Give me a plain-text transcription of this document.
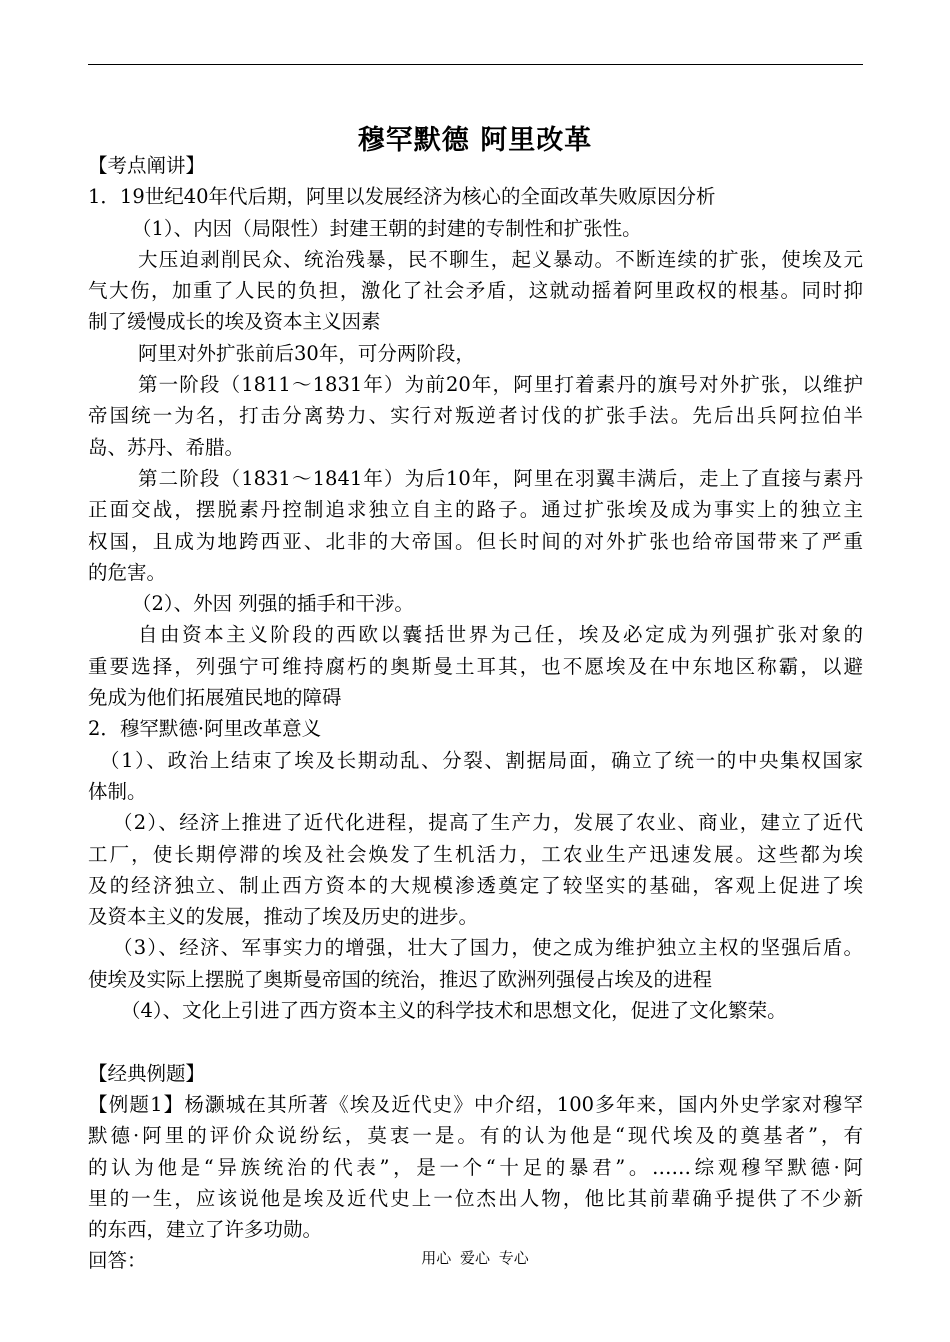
穆罕默德 阿里改革
【考点阐讲】
1．19世纪40年代后期，阿里以发展经济为核心的全面改革失败原因分析
（1）、内因（局限性）封建王朝的封建的专制性和扩张性。
大压迫剥削民众、统治残暴，民不聊生，起义暴动。不断连续的扩张，使埃及元
气大伤，加重了人民的负担，激化了社会矛盾，这就动摇着阿里政权的根基。同时抑
制了缓慢成长的埃及资本主义因素
阿里对外扩张前后30年，可分两阶段，
第一阶段（1811～1831年）为前20年，阿里打着素丹的旗号对外扩张，以维护
帝国统一为名，打击分离势力、实行对叛逆者讨伐的扩张手法。先后出兵阿拉伯半
岛、苏丹、希腊。
第二阶段（1831～1841年）为后10年，阿里在羽翼丰满后，走上了直接与素丹
正面交战，摆脱素丹控制追求独立自主的路子。通过扩张埃及成为事实上的独立主
权国，且成为地跨西亚、北非的大帝国。但长时间的对外扩张也给帝国带来了严重
的危害。
（2）、外因 列强的插手和干涉。
自由资本主义阶段的西欧以囊括世界为己任，埃及必定成为列强扩张对象的
重要选择，列强宁可维持腐朽的奥斯曼土耳其，也不愿埃及在中东地区称霸，以避
免成为他们拓展殖民地的障碍
2．穆罕默德·阿里改革意义
（1）、政治上结束了埃及长期动乱、分裂、割据局面，确立了统一的中央集权国家
体制。
（2）、经济上推进了近代化进程，提高了生产力，发展了农业、商业，建立了近代
工厂，使长期停滞的埃及社会焕发了生机活力，工农业生产迅速发展。这些都为埃
及的经济独立、制止西方资本的大规模渗透奠定了较坚实的基础，客观上促进了埃
及资本主义的发展，推动了埃及历史的进步。
（3）、经济、军事实力的增强，壮大了国力，使之成为维护独立主权的坚强后盾。
使埃及实际上摆脱了奥斯曼帝国的统治，推迟了欧洲列强侵占埃及的进程
（4）、文化上引进了西方资本主义的科学技术和思想文化，促进了文化繁荣。
【经典例题】
【例题1】杨灏城在其所著《埃及近代史》中介绍，100多年来，国内外史学家对穆罕
默德·阿里的评价众说纷纭，莫衷一是。有的认为他是“现代埃及的奠基者”，有
的认为他是“异族统治的代表”，是一个“十足的暴君”。……综观穆罕默德·阿
里的一生，应该说他是埃及近代史上一位杰出人物，他比其前辈确乎提供了不少新
的东西，建立了许多功勋。
回答：	用心 爱心 专心
